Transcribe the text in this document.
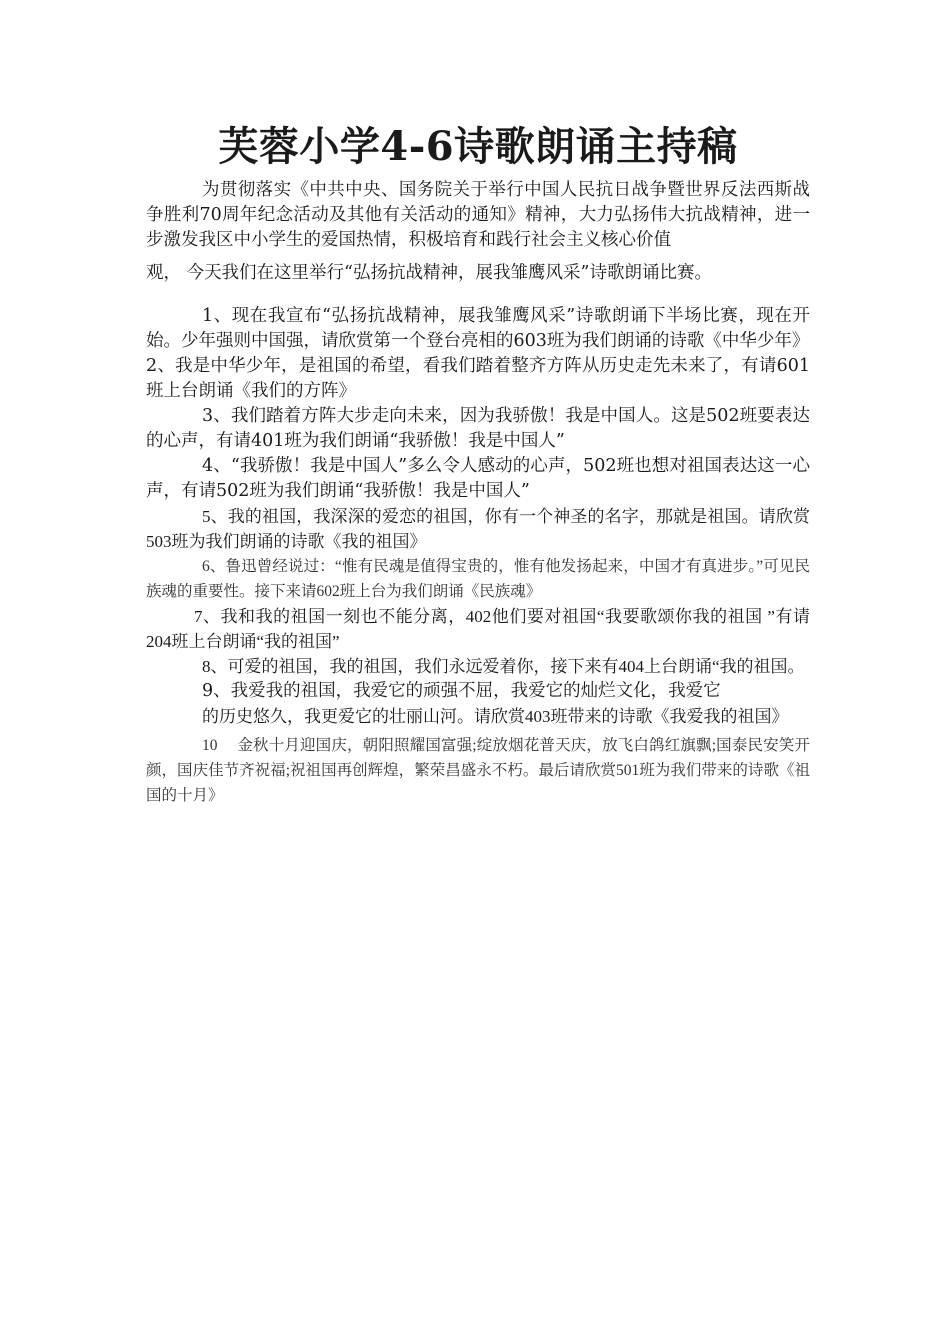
芙蓉小学4-6诗歌朗诵主持稿

为贯彻落实《中共中央、国务院关于举行中国人民抗日战争暨世界反法西斯战争胜利70周年纪念活动及其他有关活动的通知》精神，大力弘扬伟大抗战精神，进一步激发我区中小学生的爱国热情，积极培育和践行社会主义核心价值

观， 今天我们在这里举行“弘扬抗战精神，展我雏鹰风采”诗歌朗诵比赛。

1、现在我宣布“弘扬抗战精神，展我雏鹰风采”诗歌朗诵下半场比赛，现在开始。少年强则中国强，请欣赏第一个登台亮相的603班为我们朗诵的诗歌《中华少年》

2、我是中华少年，是祖国的希望，看我们踏着整齐方阵从历史走先未来了，有请601班上台朗诵《我们的方阵》

3、我们踏着方阵大步走向未来，因为我骄傲！我是中国人。这是502班要表达的心声，有请401班为我们朗诵“我骄傲！我是中国人”

4、“我骄傲！我是中国人”多么令人感动的心声，502班也想对祖国表达这一心声，有请502班为我们朗诵“我骄傲！我是中国人”

5、我的祖国，我深深的爱恋的祖国，你有一个神圣的名字，那就是祖国。请欣赏503班为我们朗诵的诗歌《我的祖国》

6、鲁迅曾经说过：“惟有民魂是值得宝贵的，惟有他发扬起来，中国才有真进步。”可见民族魂的重要性。接下来请602班上台为我们朗诵《民族魂》

7、我和我的祖国一刻也不能分离，402他们要对祖国“我要歌颂你我的祖国 ”有请204班上台朗诵“我的祖国”

8、可爱的祖国，我的祖国，我们永远爱着你，接下来有404上台朗诵“我的祖国。

9、我爱我的祖国，我爱它的顽强不屈，我爱它的灿烂文化，我爱它

的历史悠久，我更爱它的壮丽山河。请欣赏403班带来的诗歌《我爱我的祖国》

10　 金秋十月迎国庆，朝阳照耀国富强;绽放烟花普天庆，放飞白鸽红旗飘;国泰民安笑开颜，国庆佳节齐祝福;祝祖国再创辉煌，繁荣昌盛永不朽。最后请欣赏501班为我们带来的诗歌《祖国的十月》
